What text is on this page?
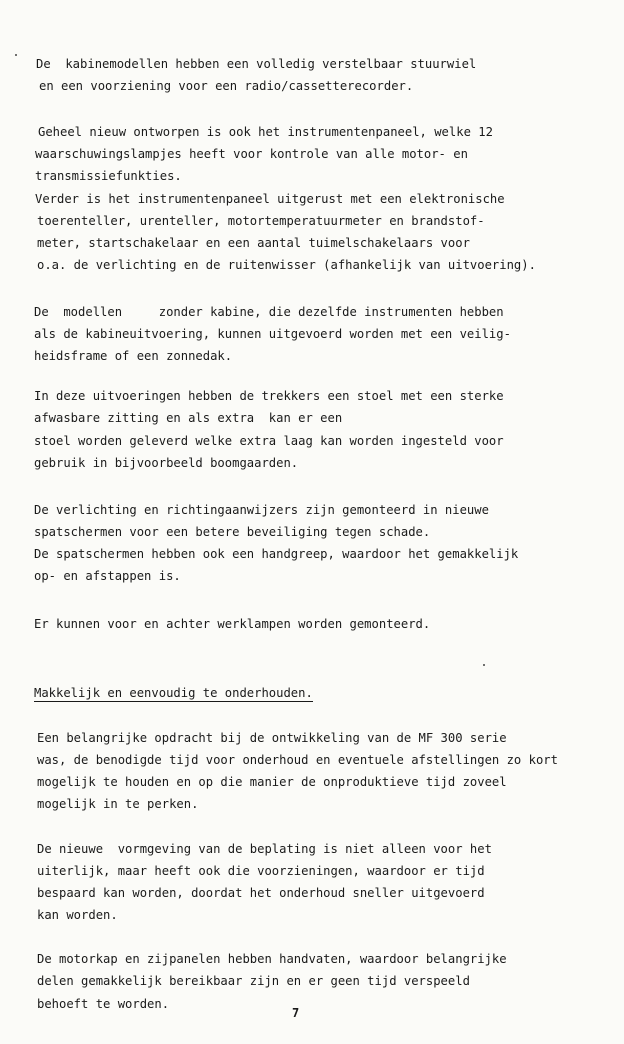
De  kabinemodellen hebben een volledig verstelbaar stuurwiel
en een voorziening voor een radio/cassetterecorder.
Geheel nieuw ontworpen is ook het instrumentenpaneel, welke 12
waarschuwingslampjes heeft voor kontrole van alle motor- en
transmissiefunkties.
Verder is het instrumentenpaneel uitgerust met een elektronische
toerenteller, urenteller, motortemperatuurmeter en brandstof-
meter, startschakelaar en een aantal tuimelschakelaars voor
o.a. de verlichting en de ruitenwisser (afhankelijk van uitvoering).
De  modellen     zonder kabine, die dezelfde instrumenten hebben
als de kabineuitvoering, kunnen uitgevoerd worden met een veilig-
heidsframe of een zonnedak.
In deze uitvoeringen hebben de trekkers een stoel met een sterke
afwasbare zitting en als extra  kan er een
stoel worden geleverd welke extra laag kan worden ingesteld voor
gebruik in bijvoorbeeld boomgaarden.
De verlichting en richtingaanwijzers zijn gemonteerd in nieuwe
spatschermen voor een betere beveiliging tegen schade.
De spatschermen hebben ook een handgreep, waardoor het gemakkelijk
op- en afstappen is.
Er kunnen voor en achter werklampen worden gemonteerd.
Makkelijk en eenvoudig te onderhouden.
Een belangrijke opdracht bij de ontwikkeling van de MF 300 serie
was, de benodigde tijd voor onderhoud en eventuele afstellingen zo kort
mogelijk te houden en op die manier de onproduktieve tijd zoveel
mogelijk in te perken.
De nieuwe  vormgeving van de beplating is niet alleen voor het
uiterlijk, maar heeft ook die voorzieningen, waardoor er tijd
bespaard kan worden, doordat het onderhoud sneller uitgevoerd
kan worden.
De motorkap en zijpanelen hebben handvaten, waardoor belangrijke
delen gemakkelijk bereikbaar zijn en er geen tijd verspeeld
behoeft te worden.
7
